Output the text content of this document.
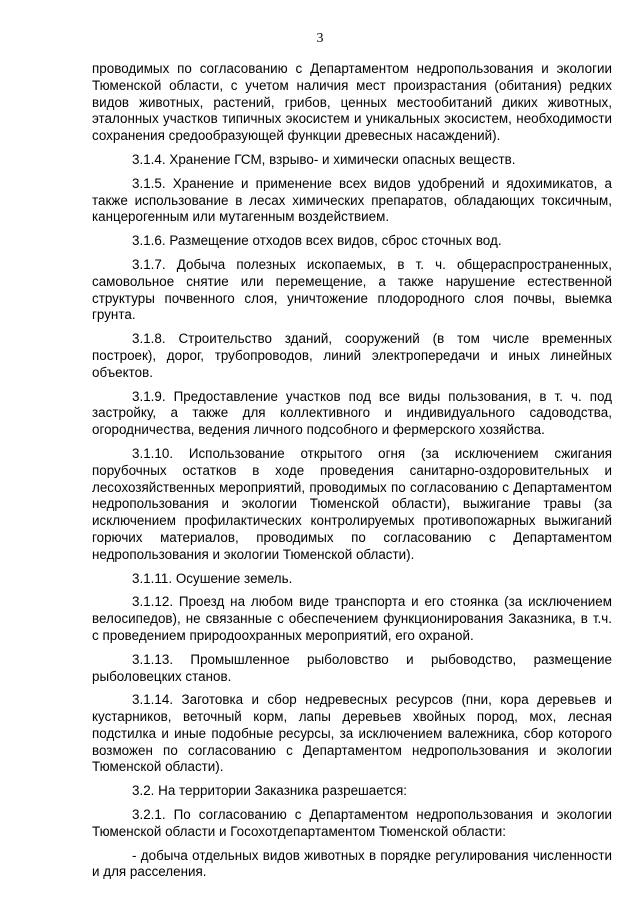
3

проводимых по согласованию с Департаментом недропользования и экологии Тюменской области, с учетом наличия мест произрастания (обитания) редких видов животных, растений, грибов, ценных местообитаний диких животных, эталонных участков типичных экосистем и уникальных экосистем, необходимости сохранения средообразующей функции древесных насаждений).

3.1.4. Хранение ГСМ, взрыво- и химически опасных веществ.

3.1.5. Хранение и применение всех видов удобрений и ядохимикатов, а также использование в лесах химических препаратов, обладающих токсичным, канцерогенным или мутагенным воздействием.

3.1.6. Размещение отходов всех видов, сброс сточных вод.

3.1.7. Добыча полезных ископаемых, в т. ч. общераспространенных, самовольное снятие или перемещение, а также нарушение естественной структуры почвенного слоя, уничтожение плодородного слоя почвы, выемка грунта.

3.1.8. Строительство зданий, сооружений (в том числе временных построек), дорог, трубопроводов, линий электропередачи и иных линейных объектов.

3.1.9. Предоставление участков под все виды пользования, в т. ч. под застройку, а также для коллективного и индивидуального садоводства, огородничества, ведения личного подсобного и фермерского хозяйства.

3.1.10. Использование открытого огня (за исключением сжигания порубочных остатков в ходе проведения санитарно-оздоровительных и лесохозяйственных мероприятий, проводимых по согласованию с Департаментом недропользования и экологии Тюменской области), выжигание травы (за исключением профилактических контролируемых противопожарных выжиганий горючих материалов, проводимых по согласованию с Департаментом недропользования и экологии Тюменской области).

3.1.11. Осушение земель.

3.1.12. Проезд на любом виде транспорта и его стоянка (за исключением велосипедов), не связанные с обеспечением функционирования Заказника, в т.ч. с проведением природоохранных мероприятий, его охраной.

3.1.13. Промышленное рыболовство и рыбоводство, размещение рыболовецких станов.

3.1.14. Заготовка и сбор недревесных ресурсов (пни, кора деревьев и кустарников, веточный корм, лапы деревьев хвойных пород, мох, лесная подстилка и иные подобные ресурсы, за исключением валежника, сбор которого возможен по согласованию с Департаментом недропользования и экологии Тюменской области).

3.2. На территории Заказника разрешается:

3.2.1. По согласованию с Департаментом недропользования и экологии Тюменской области и Госохотдепартаментом Тюменской области:

- добыча отдельных видов животных в порядке регулирования численности и для расселения.
